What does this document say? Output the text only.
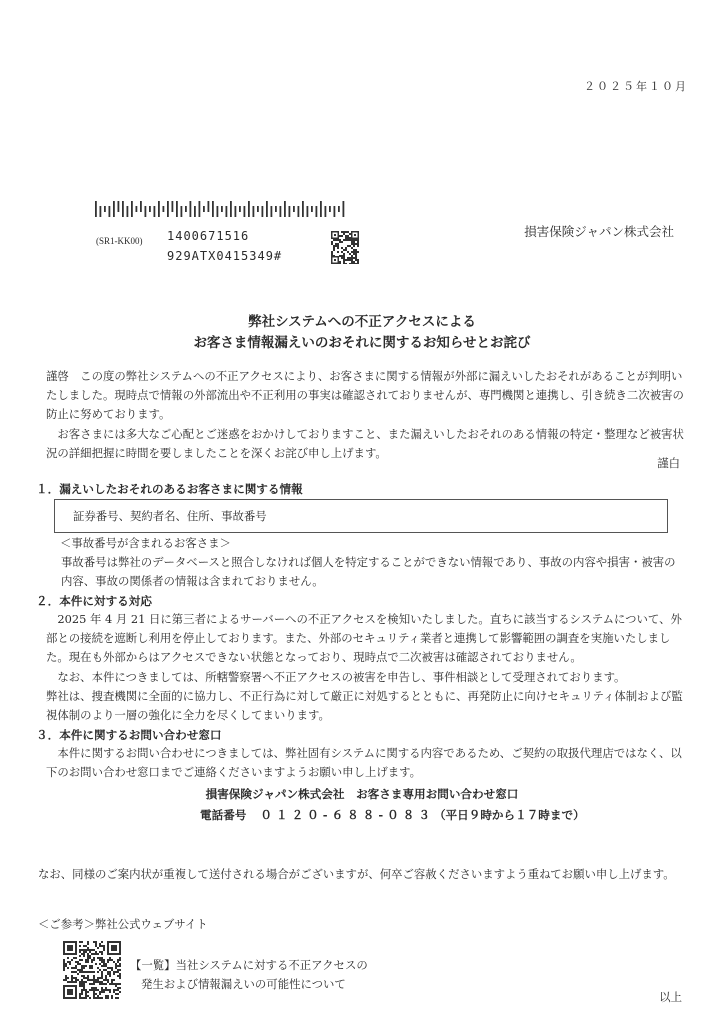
２０２５年１０月
(SR1-KK00) 1400671516
929ATX0415349#
損害保険ジャパン株式会社
弊社システムへの不正アクセスによる
お客さま情報漏えいのおそれに関するお知らせとお詫び
謹啓　この度の弊社システムへの不正アクセスにより、お客さまに関する情報が外部に漏えいしたおそれがあることが判明いたしました。現時点で情報の外部流出や不正利用の事実は確認されておりませんが、専門機関と連携し、引き続き二次被害の防止に努めております。
お客さまには多大なご心配とご迷惑をおかけしておりますこと、また漏えいしたおそれのある情報の特定・整理など被害状況の詳細把握に時間を要しましたことを深くお詫び申し上げます。
謹白
１．漏えいしたおそれのあるお客さまに関する情報
証券番号、契約者名、住所、事故番号
＜事故番号が含まれるお客さま＞
事故番号は弊社のデータベースと照合しなければ個人を特定することができない情報であり、事故の内容や損害・被害の内容、事故の関係者の情報は含まれておりません。
２．本件に対する対応
2025 年 4 月 21 日に第三者によるサーバーへの不正アクセスを検知いたしました。直ちに該当するシステムについて、外部との接続を遮断し利用を停止しております。また、外部のセキュリティ業者と連携して影響範囲の調査を実施いたしました。現在も外部からはアクセスできない状態となっており、現時点で二次被害は確認されておりません。
なお、本件につきましては、所轄警察署へ不正アクセスの被害を申告し、事件相談として受理されております。
弊社は、捜査機関に全面的に協力し、不正行為に対して厳正に対処するとともに、再発防止に向けセキュリティ体制および監視体制のより一層の強化に全力を尽くしてまいります。
３．本件に関するお問い合わせ窓口
本件に関するお問い合わせにつきましては、弊社固有システムに関する内容であるため、ご契約の取扱代理店ではなく、以下のお問い合わせ窓口までご連絡くださいますようお願い申し上げます。
損害保険ジャパン株式会社　お客さま専用お問い合わせ窓口
電話番号 ０１２０-６８８-０８３（平日９時から１７時まで）
なお、同様のご案内状が重複して送付される場合がございますが、何卒ご容赦くださいますよう重ねてお願い申し上げます。
＜ご参考＞弊社公式ウェブサイト
【一覧】当社システムに対する不正アクセスの
発生および情報漏えいの可能性について
以上
